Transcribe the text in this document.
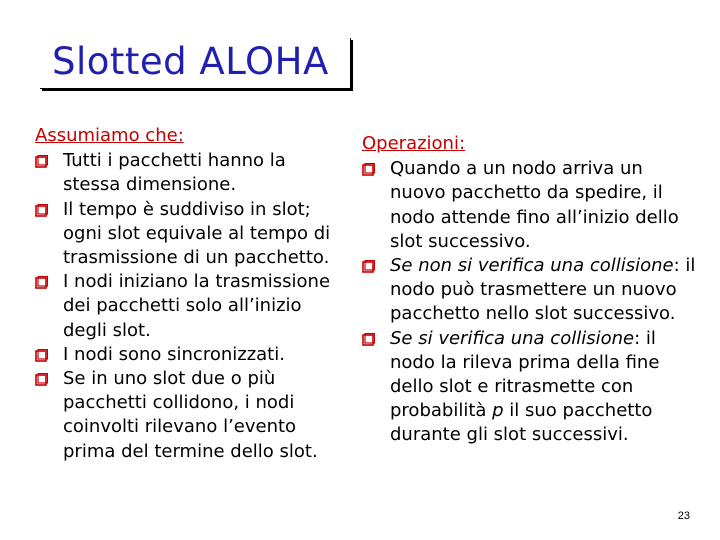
Slotted ALOHA
Assumiamo che:
Tutti i pacchetti hanno la stessa dimensione.
Il tempo è suddiviso in slot; ogni slot equivale al tempo di trasmissione di un pacchetto.
I nodi iniziano la trasmissione dei pacchetti solo all’inizio degli slot.
I nodi sono sincronizzati.
Se in uno slot due o più pacchetti collidono, i nodi coinvolti rilevano l’evento prima del termine dello slot.
Operazioni:
Quando a un nodo arriva un nuovo pacchetto da spedire, il nodo attende fino all’inizio dello slot successivo.
Se non si verifica una collisione: il nodo può trasmettere un nuovo pacchetto nello slot successivo.
Se si verifica una collisione: il nodo la rileva prima della fine dello slot e ritrasmette con probabilità p il suo pacchetto durante gli slot successivi.
23
